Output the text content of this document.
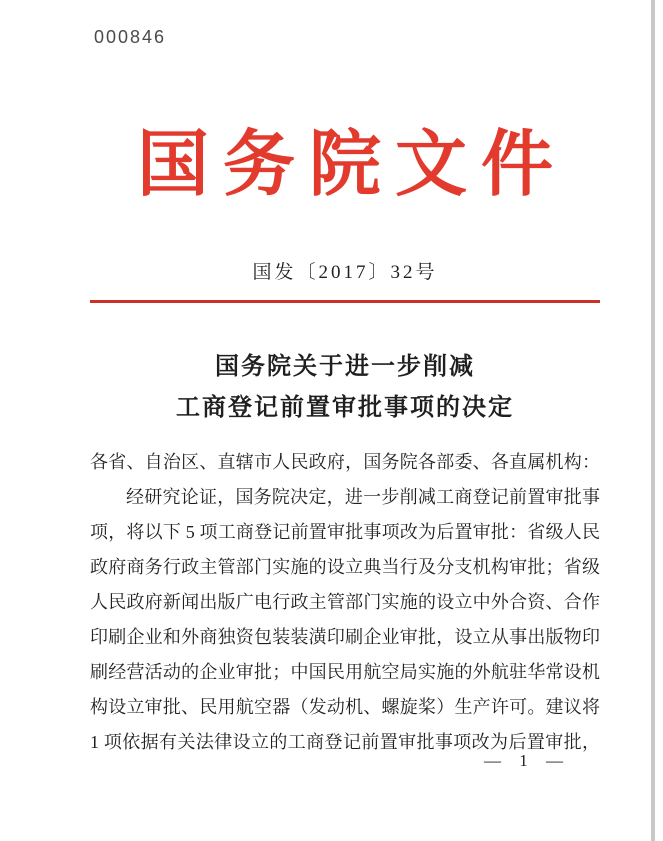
000846
国务院文件
国发〔2017〕32号
国务院关于进一步削减
工商登记前置审批事项的决定
各省、自治区、直辖市人民政府，国务院各部委、各直属机构：
经研究论证，国务院决定，进一步削减工商登记前置审批事
项，将以下 5 项工商登记前置审批事项改为后置审批：省级人民
政府商务行政主管部门实施的设立典当行及分支机构审批；省级
人民政府新闻出版广电行政主管部门实施的设立中外合资、合作
印刷企业和外商独资包装装潢印刷企业审批，设立从事出版物印
刷经营活动的企业审批；中国民用航空局实施的外航驻华常设机
构设立审批、民用航空器（发动机、螺旋桨）生产许可。建议将
1 项依据有关法律设立的工商登记前置审批事项改为后置审批，
— 1 —
